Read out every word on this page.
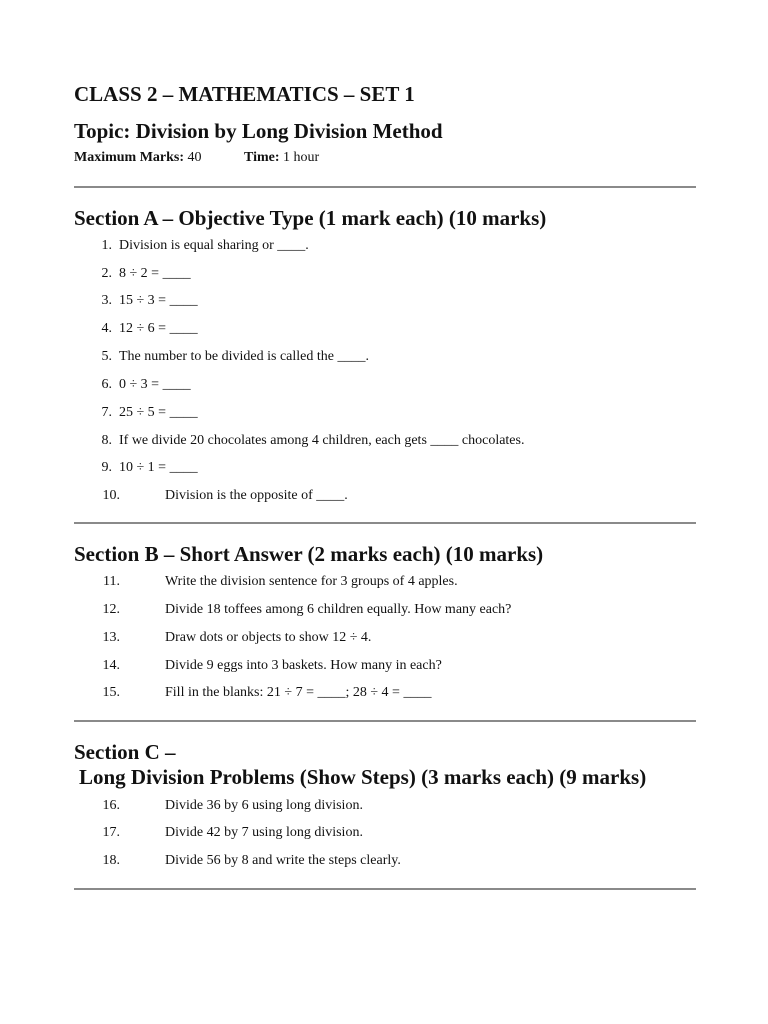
CLASS 2 – MATHEMATICS – SET 1
Topic: Division by Long Division Method
Maximum Marks: 40	Time: 1 hour
Section A – Objective Type (1 mark each) (10 marks)
1. Division is equal sharing or ____.
2. 8 ÷ 2 = ____
3. 15 ÷ 3 = ____
4. 12 ÷ 6 = ____
5. The number to be divided is called the ____.
6. 0 ÷ 3 = ____
7. 25 ÷ 5 = ____
8. If we divide 20 chocolates among 4 children, each gets ____ chocolates.
9. 10 ÷ 1 = ____
10.	Division is the opposite of ____.
Section B – Short Answer (2 marks each) (10 marks)
11.	Write the division sentence for 3 groups of 4 apples.
12.	Divide 18 toffees among 6 children equally. How many each?
13.	Draw dots or objects to show 12 ÷ 4.
14.	Divide 9 eggs into 3 baskets. How many in each?
15.	Fill in the blanks: 21 ÷ 7 = ____; 28 ÷ 4 = ____
Section C –
Long Division Problems (Show Steps) (3 marks each) (9 marks)
16.	Divide 36 by 6 using long division.
17.	Divide 42 by 7 using long division.
18.	Divide 56 by 8 and write the steps clearly.
